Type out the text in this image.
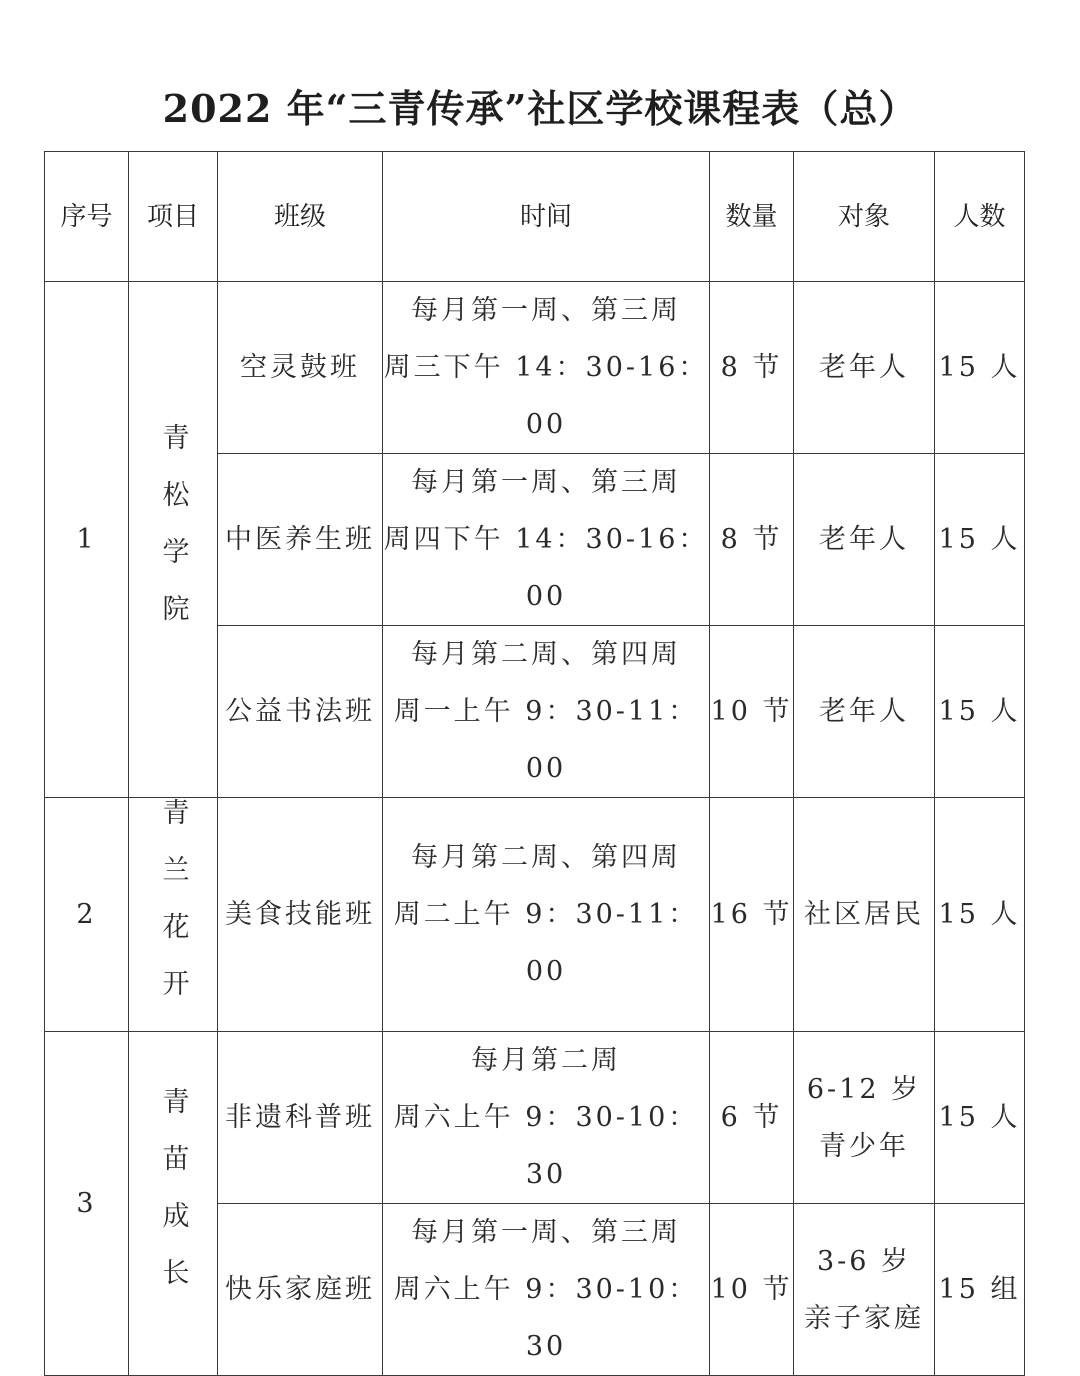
2022 年“三青传承”社区学校课程表（总）
序号	项目	班级	时间	数量	对象	人数
1	青松学院	空灵鼓班	每月第一周、第三周
周三下午 14：30-16：00	8 节	老年人	15 人
		中医养生班	每月第一周、第三周
周四下午 14：30-16：00	8 节	老年人	15 人
		公益书法班	每月第二周、第四周
周一上午 9：30-11：00	10 节	老年人	15 人
2	青兰花开	美食技能班	每月第二周、第四周
周二上午 9：30-11：00	16 节	社区居民	15 人
3	青苗成长	非遗科普班	每月第二周
周六上午 9：30-10：30	6 节	6-12 岁
青少年	15 人
		快乐家庭班	每月第一周、第三周
周六上午 9：30-10：30	10 节	3-6 岁
亲子家庭	15 组
